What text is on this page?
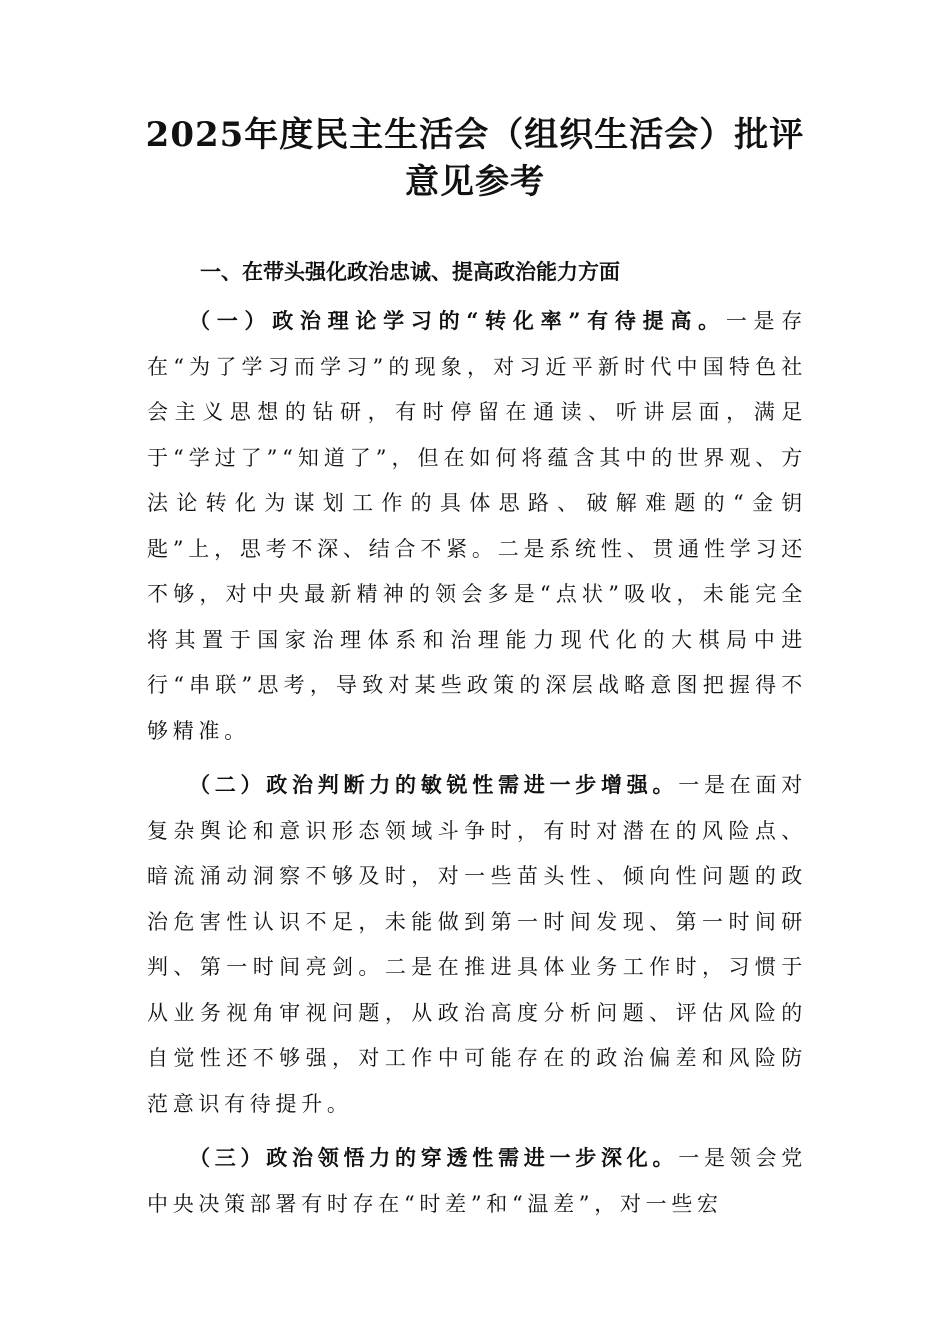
2025年度民主生活会（组织生活会）批评
意见参考
一、在带头强化政治忠诚、提高政治能力方面

（一）政治理论学习的“转化率”有待提高。一是存在“为了学习而学习”的现象，对习近平新时代中国特色社会主义思想的钻研，有时停留在通读、听讲层面，满足于“学过了”“知道了”，但在如何将蕴含其中的世界观、方法论转化为谋划工作的具体思路、破解难题的“金钥匙”上，思考不深、结合不紧。二是系统性、贯通性学习还不够，对中央最新精神的领会多是“点状”吸收，未能完全将其置于国家治理体系和治理能力现代化的大棋局中进行“串联”思考，导致对某些政策的深层战略意图把握得不够精准。

（二）政治判断力的敏锐性需进一步增强。一是在面对复杂舆论和意识形态领域斗争时，有时对潜在的风险点、暗流涌动洞察不够及时，对一些苗头性、倾向性问题的政治危害性认识不足，未能做到第一时间发现、第一时间研判、第一时间亮剑。二是在推进具体业务工作时，习惯于从业务视角审视问题，从政治高度分析问题、评估风险的自觉性还不够强，对工作中可能存在的政治偏差和风险防范意识有待提升。

（三）政治领悟力的穿透性需进一步深化。一是领会党中央决策部署有时存在“时差”和“温差”，对一些宏
